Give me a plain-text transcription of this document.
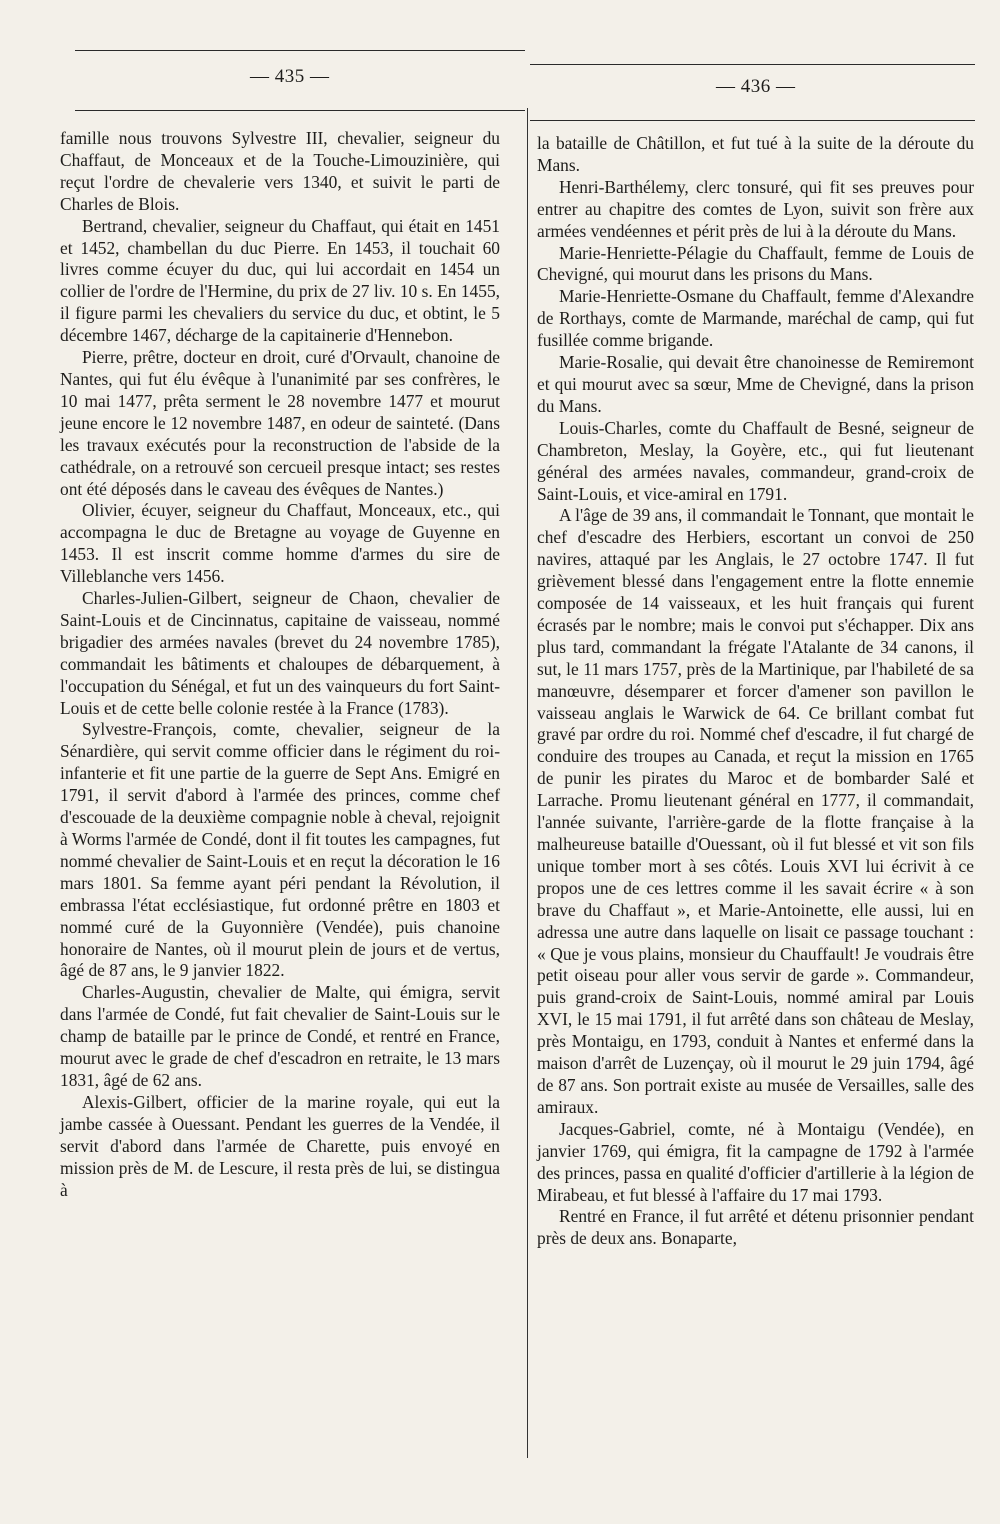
— 435 —	— 436 —

famille nous trouvons Sylvestre III, chevalier, seigneur du Chaffaut, de Monceaux et de la Touche-Limouzinière, qui reçut l'ordre de chevalerie vers 1340, et suivit le parti de Charles de Blois.

Bertrand, chevalier, seigneur du Chaffaut, qui était en 1451 et 1452, chambellan du duc Pierre. En 1453, il touchait 60 livres comme écuyer du duc, qui lui accordait en 1454 un collier de l'ordre de l'Hermine, du prix de 27 liv. 10 s. En 1455, il figure parmi les chevaliers du service du duc, et obtint, le 5 décembre 1467, décharge de la capitainerie d'Hennebon.

Pierre, prêtre, docteur en droit, curé d'Orvault, chanoine de Nantes, qui fut élu évêque à l'unanimité par ses confrères, le 10 mai 1477, prêta serment le 28 novembre 1477 et mourut jeune encore le 12 novembre 1487, en odeur de sainteté. (Dans les travaux exécutés pour la reconstruction de l'abside de la cathédrale, on a retrouvé son cercueil presque intact; ses restes ont été déposés dans le caveau des évêques de Nantes.)

Olivier, écuyer, seigneur du Chaffaut, Monceaux, etc., qui accompagna le duc de Bretagne au voyage de Guyenne en 1453. Il est inscrit comme homme d'armes du sire de Villeblanche vers 1456.

Charles-Julien-Gilbert, seigneur de Chaon, chevalier de Saint-Louis et de Cincinnatus, capitaine de vaisseau, nommé brigadier des armées navales (brevet du 24 novembre 1785), commandait les bâtiments et chaloupes de débarquement, à l'occupation du Sénégal, et fut un des vainqueurs du fort Saint-Louis et de cette belle colonie restée à la France (1783).

Sylvestre-François, comte, chevalier, seigneur de la Sénardière, qui servit comme officier dans le régiment du roi-infanterie et fit une partie de la guerre de Sept Ans. Emigré en 1791, il servit d'abord à l'armée des princes, comme chef d'escouade de la deuxième compagnie noble à cheval, rejoignit à Worms l'armée de Condé, dont il fit toutes les campagnes, fut nommé chevalier de Saint-Louis et en reçut la décoration le 16 mars 1801. Sa femme ayant péri pendant la Révolution, il embrassa l'état ecclésiastique, fut ordonné prêtre en 1803 et nommé curé de la Guyonnière (Vendée), puis chanoine honoraire de Nantes, où il mourut plein de jours et de vertus, âgé de 87 ans, le 9 janvier 1822.

Charles-Augustin, chevalier de Malte, qui émigra, servit dans l'armée de Condé, fut fait chevalier de Saint-Louis sur le champ de bataille par le prince de Condé, et rentré en France, mourut avec le grade de chef d'escadron en retraite, le 13 mars 1831, âgé de 62 ans.

Alexis-Gilbert, officier de la marine royale, qui eut la jambe cassée à Ouessant. Pendant les guerres de la Vendée, il servit d'abord dans l'armée de Charette, puis envoyé en mission près de M. de Lescure, il resta près de lui, se distingua à

la bataille de Châtillon, et fut tué à la suite de la déroute du Mans.

Henri-Barthélemy, clerc tonsuré, qui fit ses preuves pour entrer au chapitre des comtes de Lyon, suivit son frère aux armées vendéennes et périt près de lui à la déroute du Mans.

Marie-Henriette-Pélagie du Chaffault, femme de Louis de Chevigné, qui mourut dans les prisons du Mans.

Marie-Henriette-Osmane du Chaffault, femme d'Alexandre de Rorthays, comte de Marmande, maréchal de camp, qui fut fusillée comme brigande.

Marie-Rosalie, qui devait être chanoinesse de Remiremont et qui mourut avec sa sœur, Mme de Chevigné, dans la prison du Mans.

Louis-Charles, comte du Chaffault de Besné, seigneur de Chambreton, Meslay, la Goyère, etc., qui fut lieutenant général des armées navales, commandeur, grand-croix de Saint-Louis, et vice-amiral en 1791.

A l'âge de 39 ans, il commandait le Tonnant, que montait le chef d'escadre des Herbiers, escortant un convoi de 250 navires, attaqué par les Anglais, le 27 octobre 1747. Il fut grièvement blessé dans l'engagement entre la flotte ennemie composée de 14 vaisseaux, et les huit français qui furent écrasés par le nombre; mais le convoi put s'échapper. Dix ans plus tard, commandant la frégate l'Atalante de 34 canons, il sut, le 11 mars 1757, près de la Martinique, par l'habileté de sa manœuvre, désemparer et forcer d'amener son pavillon le vaisseau anglais le Warwick de 64. Ce brillant combat fut gravé par ordre du roi. Nommé chef d'escadre, il fut chargé de conduire des troupes au Canada, et reçut la mission en 1765 de punir les pirates du Maroc et de bombarder Salé et Larrache. Promu lieutenant général en 1777, il commandait, l'année suivante, l'arrière-garde de la flotte française à la malheureuse bataille d'Ouessant, où il fut blessé et vit son fils unique tomber mort à ses côtés. Louis XVI lui écrivit à ce propos une de ces lettres comme il les savait écrire « à son brave du Chaffaut », et Marie-Antoinette, elle aussi, lui en adressa une autre dans laquelle on lisait ce passage touchant : « Que je vous plains, monsieur du Chauffault! Je voudrais être petit oiseau pour aller vous servir de garde ». Commandeur, puis grand-croix de Saint-Louis, nommé amiral par Louis XVI, le 15 mai 1791, il fut arrêté dans son château de Meslay, près Montaigu, en 1793, conduit à Nantes et enfermé dans la maison d'arrêt de Luzençay, où il mourut le 29 juin 1794, âgé de 87 ans. Son portrait existe au musée de Versailles, salle des amiraux.

Jacques-Gabriel, comte, né à Montaigu (Vendée), en janvier 1769, qui émigra, fit la campagne de 1792 à l'armée des princes, passa en qualité d'officier d'artillerie à la légion de Mirabeau, et fut blessé à l'affaire du 17 mai 1793.

Rentré en France, il fut arrêté et détenu prisonnier pendant près de deux ans. Bonaparte,
